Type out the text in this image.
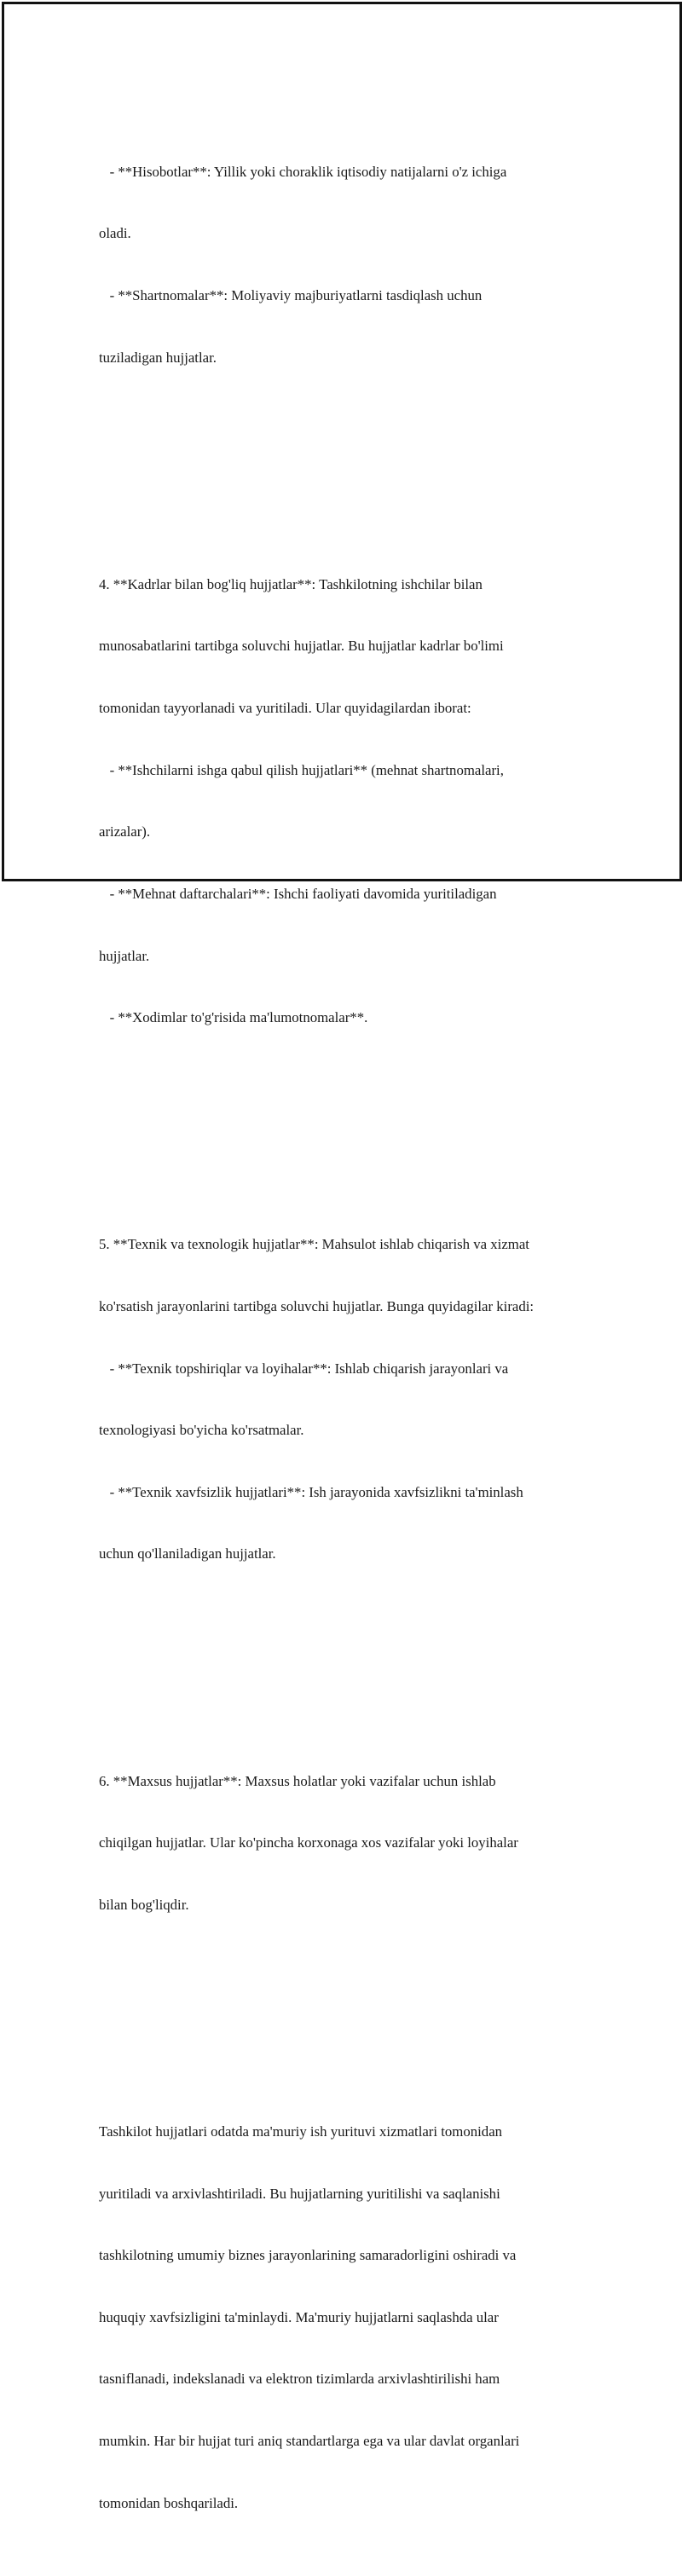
- **Hisobotlar**: Yillik yoki choraklik iqtisodiy natijalarni o'z ichiga

oladi.

- **Shartnomalar**: Moliyaviy majburiyatlarni tasdiqlash uchun

tuziladigan hujjatlar.

4. **Kadrlar bilan bog'liq hujjatlar**: Tashkilotning ishchilar bilan

munosabatlarini tartibga soluvchi hujjatlar. Bu hujjatlar kadrlar bo'limi

tomonidan tayyorlanadi va yuritiladi. Ular quyidagilardan iborat:

- **Ishchilarni ishga qabul qilish hujjatlari** (mehnat shartnomalari,

arizalar).

- **Mehnat daftarchalari**: Ishchi faoliyati davomida yuritiladigan

hujjatlar.

- **Xodimlar to'g'risida ma'lumotnomalar**.

5. **Texnik va texnologik hujjatlar**: Mahsulot ishlab chiqarish va xizmat

ko'rsatish jarayonlarini tartibga soluvchi hujjatlar. Bunga quyidagilar kiradi:

- **Texnik topshiriqlar va loyihalar**: Ishlab chiqarish jarayonlari va

texnologiyasi bo'yicha ko'rsatmalar.

- **Texnik xavfsizlik hujjatlari**: Ish jarayonida xavfsizlikni ta'minlash

uchun qo'llaniladigan hujjatlar.

6. **Maxsus hujjatlar**: Maxsus holatlar yoki vazifalar uchun ishlab

chiqilgan hujjatlar. Ular ko'pincha korxonaga xos vazifalar yoki loyihalar

bilan bog'liqdir.

Tashkilot hujjatlari odatda ma'muriy ish yurituvi xizmatlari tomonidan

yuritiladi va arxivlashtiriladi. Bu hujjatlarning yuritilishi va saqlanishi

tashkilotning umumiy biznes jarayonlarining samaradorligini oshiradi va

huquqiy xavfsizligini ta'minlaydi. Ma'muriy hujjatlarni saqlashda ular

tasniflanadi, indekslanadi va elektron tizimlarda arxivlashtirilishi ham

mumkin. Har bir hujjat turi aniq standartlarga ega va ular davlat organlari

tomonidan boshqariladi.
